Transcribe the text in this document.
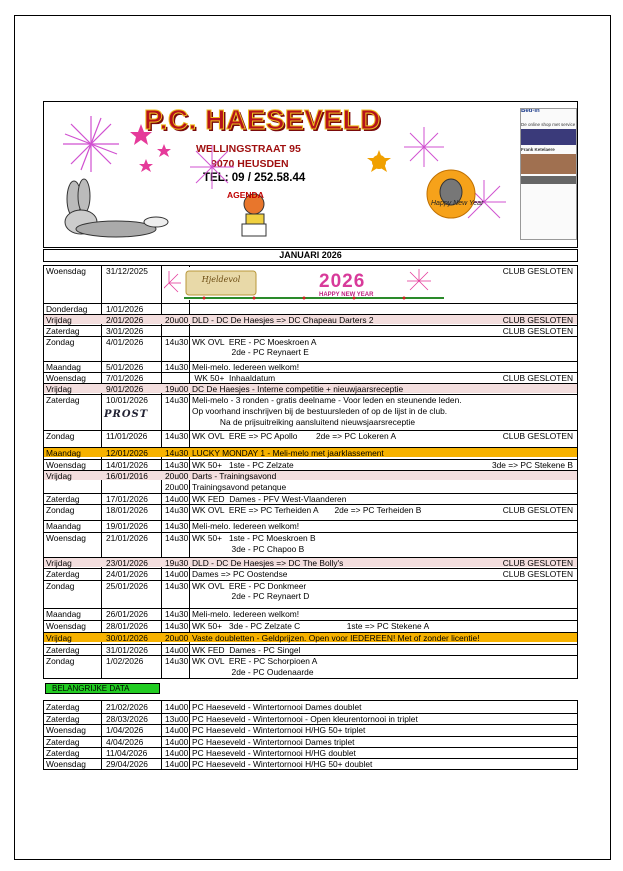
P.C. HAESEVELD
WELLINGSTRAAT 95
9070 HEUSDEN
TEL: 09 / 252.58.44
AGENDA
Happy New Year
Bed-in
De online shop met service
Frank Ketelaere
JANUARI 2026
Hjeldevol	2026
HAPPY NEW YEAR
PROST
Woensdag 31/12/2025	CLUB GESLOTEN
Donderdag 1/01/2026
Vrijdag	2/01/2026	20u00 DLD - DC De Haesjes => DC Chapeau Darters 2	CLUB GESLOTEN
Zaterdag	3/01/2026	CLUB GESLOTEN
Zondag	4/01/2026	14u30 WK OVL  ERE - PC Moeskroen A
2de - PC Reynaert E
Maandag	5/01/2026	14u30 Meli-melo. Iedereen welkom!
Woensdag 7/01/2026	WK 50+  Inhaaldatum	CLUB GESLOTEN
Vrijdag	9/01/2026	19u00 DC De Haesjes - Interne competitie + nieuwjaarsreceptie
Zaterdag	10/01/2026 14u30 Meli-melo - 3 ronden - gratis deelname - Voor leden en steunende leden.
Op voorhand inschrijven bij de bestuursleden of op de lijst in de club.
Na de prijsuitreiking aansluitend nieuwsjaarsreceptie
Zondag	11/01/2026 14u30 WK OVL  ERE => PC Apollo        2de => PC Lokeren A	CLUB GESLOTEN
Maandag	12/01/2026 14u30 LUCKY MONDAY 1 - Meli-melo met jaarklassement
Woensdag 14/01/2026 14u30 WK 50+   1ste - PC Zelzate	3de => PC Stekene B
Vrijdag	16/01/2016 20u00 Darts - Trainingsavond
20u00 Trainingsavond petanque
Zaterdag	17/01/2026 14u00 WK FED  Dames - PFV West-Vlaanderen
Zondag	18/01/2026 14u30 WK OVL  ERE => PC Terheiden A       2de => PC Terheiden B	CLUB GESLOTEN
Maandag	19/01/2026 14u30 Meli-melo. Iedereen welkom!
Woensdag 21/01/2026 14u30 WK 50+   1ste - PC Moeskroen B
3de - PC Chapoo B
Vrijdag	23/01/2026 19u30 DLD - DC De Haesjes => DC The Bolly's	CLUB GESLOTEN
Zaterdag	24/01/2026 14u00 Dames => PC Oostendse	CLUB GESLOTEN
Zondag	25/01/2026 14u30 WK OVL  ERE - PC Donkmeer
2de - PC Reynaert D
Maandag	26/01/2026 14u30 Meli-melo. Iedereen welkom!
Woensdag 28/01/2026 14u30 WK 50+   3de - PC Zelzate C                    1ste => PC Stekene A
Vrijdag	30/01/2026 20u00 Vaste doubletten - Geldprijzen. Open voor IEDEREEN! Met of zonder licentie!
Zaterdag	31/01/2026 14u00 WK FED  Dames - PC Singel
Zondag	1/02/2026	14u30 WK OVL  ERE - PC Schorpioen A
2de - PC Oudenaarde
BELANGRIJKE DATA
Zaterdag	21/02/2026 14u00 PC Haeseveld - Wintertornooi Dames doublet
Zaterdag	28/03/2026 13u00 PC Haeseveld - Wintertornooi - Open kleurentornooi in triplet
Woensdag 1/04/2026	14u00 PC Haeseveld - Wintertornooi H/HG 50+ triplet
Zaterdag	4/04/2026	14u00 PC Haeseveld - Wintertornooi Dames triplet
Zaterdag	11/04/2026 14u00 PC Haeseveld - Wintertornooi H/HG doublet
Woensdag 29/04/2026 14u00 PC Haeseveld - Wintertornooi H/HG 50+ doublet
